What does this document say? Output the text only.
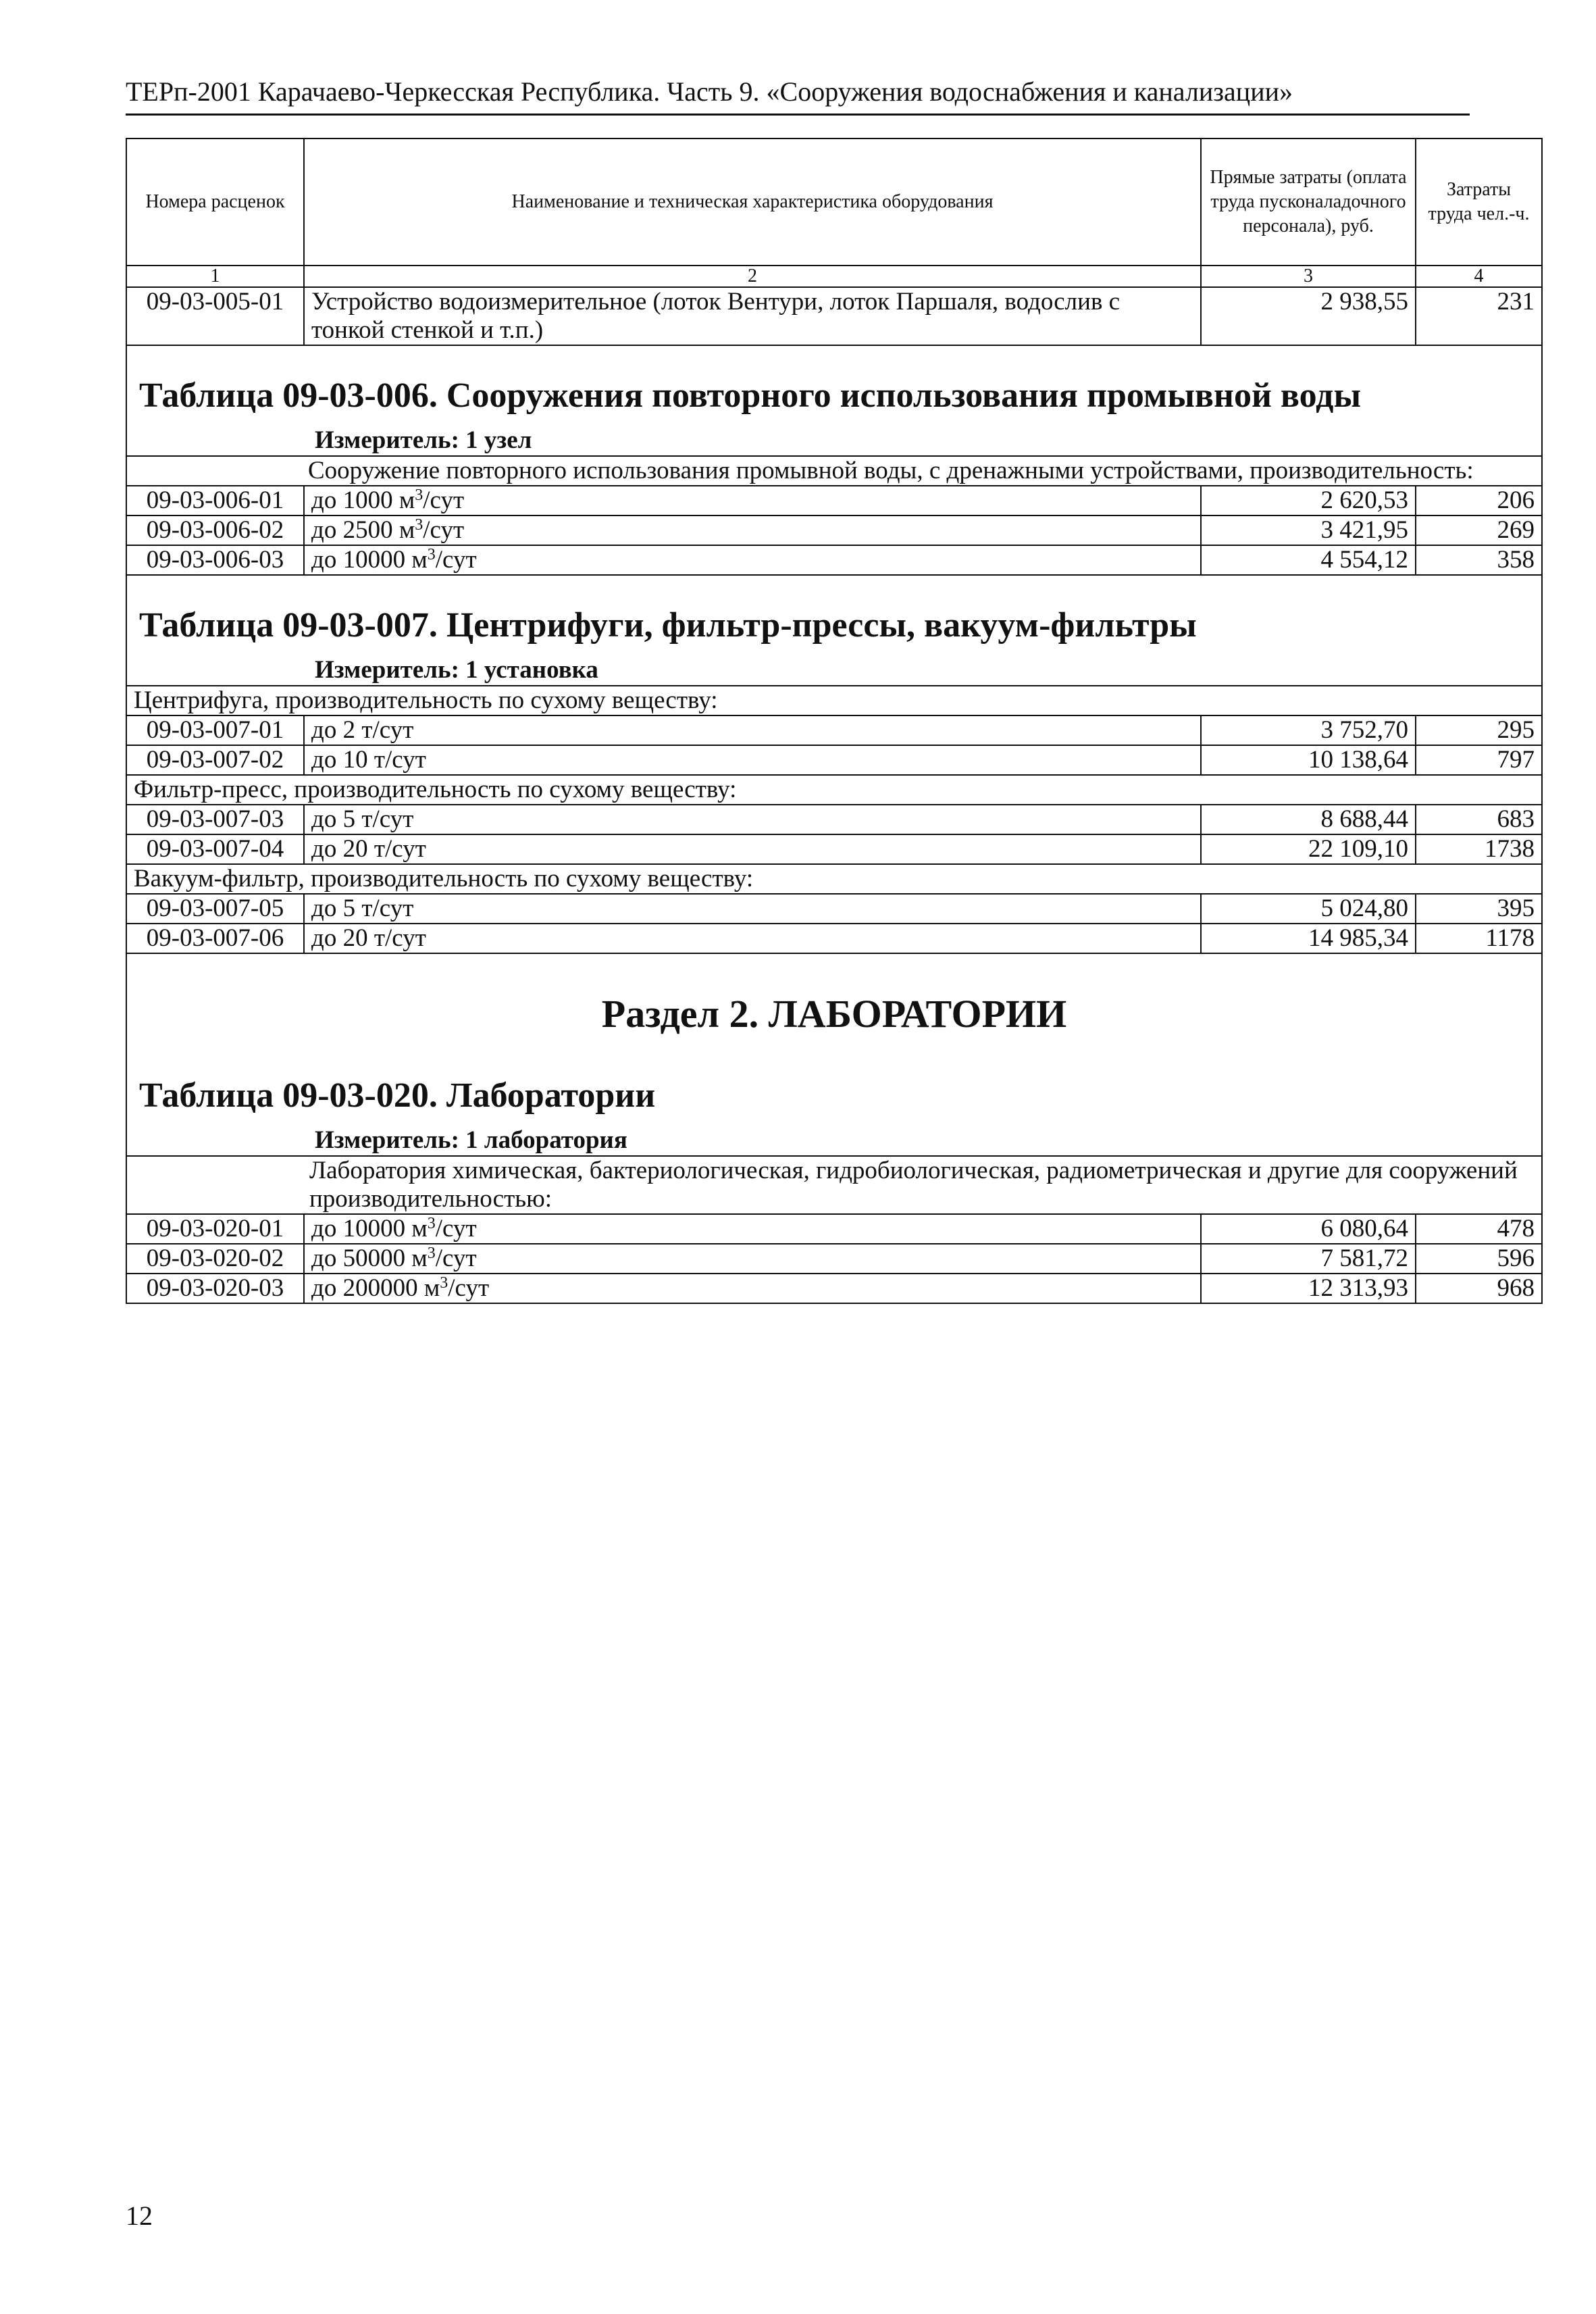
ТЕРп-2001 Карачаево-Черкесская Республика. Часть 9. «Сооружения водоснабжения и канализации»
Номера расценок	Наименование и техническая характеристика оборудования	Прямые затраты (оплата труда пусконаладочного персонала), руб.	Затраты труда чел.-ч.
1	2	3	4
09-03-005-01	Устройство водоизмерительное (лоток Вентури, лоток Паршаля, водослив с тонкой стенкой и т.п.)	2 938,55	231

Таблица 09-03-006. Сооружения повторного использования промывной воды
Измеритель: 1 узел			

Сооружение повторного использования промывной воды, с дренажными устройствами, производительность:			
09-03-006-01	до 1000 $м^3$/сут	2 620,53	206
09-03-006-02	до 2500 $м^3$/сут	3 421,95	269
09-03-006-03	до 10000 $м^3$/сут	4 554,12	358

Таблица 09-03-007. Центрифуги, фильтр-прессы, вакуум-фильтры
Измеритель: 1 установка			

Центрифуга, производительность по сухому веществу:			
09-03-007-01	до 2 т/сут	3 752,70	295
09-03-007-02	до 10 т/сут	10 138,64	797
Фильтр-пресс, производительность по сухому веществу:			
09-03-007-03	до 5 т/сут	8 688,44	683
09-03-007-04	до 20 т/сут	22 109,10	1738
Вакуум-фильтр, производительность по сухому веществу:			
09-03-007-05	до 5 т/сут	5 024,80	395
09-03-007-06	до 20 т/сут	14 985,34	1178

Раздел 2. ЛАБОРАТОРИИ
Таблица 09-03-020. Лаборатории
Измеритель: 1 лаборатория			

Лаборатория химическая, бактериологическая, гидробиологическая, радиометрическая и другие для сооружений производительностью:			
09-03-020-01	до 10000 $м^3$/сут	6 080,64	478
09-03-020-02	до 50000 $м^3$/сут	7 581,72	596
09-03-020-03	до 200000 $м^3$/сут	12 313,93	968
12
